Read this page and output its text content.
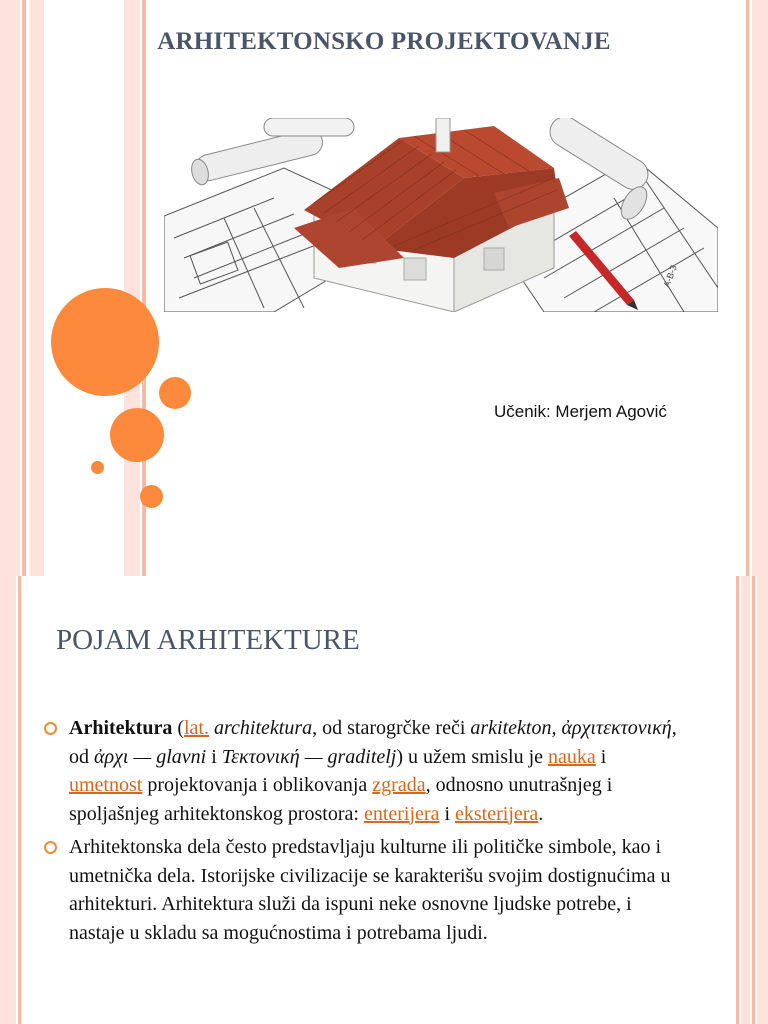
ARHITEKTONSKO PROJEKTOVANJE
A-B-3
Učenik: Merjem Agović
POJAM ARHITEKTURE
Arhitektura (lat. architektura, od starogrčke reči arkitekton, ἀρχιτεκτονική, od ἀρχι — glavni i Τεκτονική — graditelj) u užem smislu je nauka i umetnost projektovanja i oblikovanja zgrada, odnosno unutrašnjeg i spoljašnjeg arhitektonskog prostora: enterijera i eksterijera.
Arhitektonska dela često predstavljaju kulturne ili političke simbole, kao i umetnička dela. Istorijske civilizacije se karakterišu svojim dostignućima u arhitekturi. Arhitektura služi da ispuni neke osnovne ljudske potrebe, i nastaje u skladu sa mogućnostima i potrebama ljudi.
